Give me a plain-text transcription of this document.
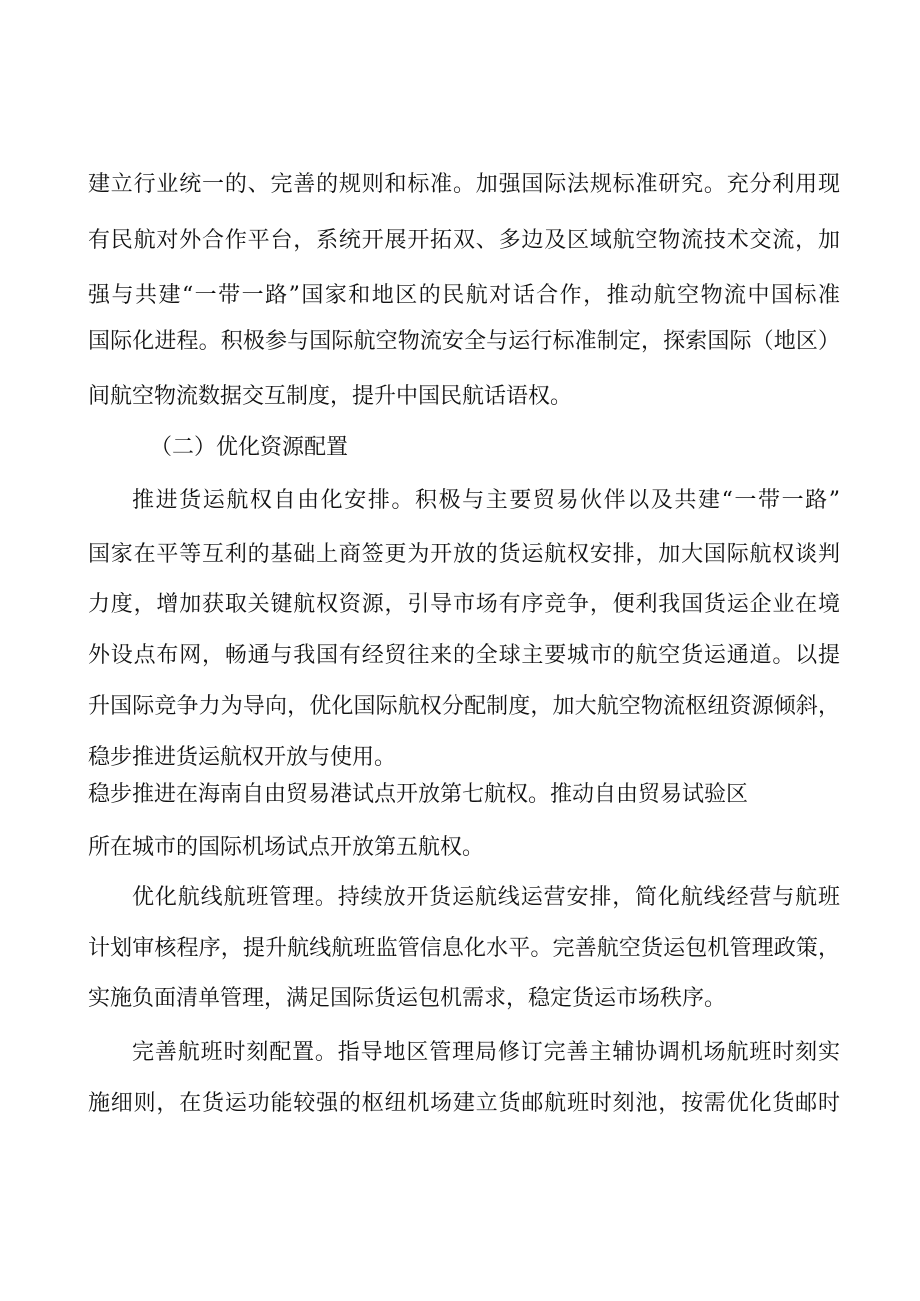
建立行业统一的、完善的规则和标准。加强国际法规标准研究。充分利用现
有民航对外合作平台，系统开展开拓双、多边及区域航空物流技术交流，加
强与共建“一带一路”国家和地区的民航对话合作，推动航空物流中国标准
国际化进程。积极参与国际航空物流安全与运行标准制定，探索国际（地区）
间航空物流数据交互制度，提升中国民航话语权。
（二）优化资源配置
推进货运航权自由化安排。积极与主要贸易伙伴以及共建“一带一路”
国家在平等互利的基础上商签更为开放的货运航权安排，加大国际航权谈判
力度，增加获取关键航权资源，引导市场有序竞争，便利我国货运企业在境
外设点布网，畅通与我国有经贸往来的全球主要城市的航空货运通道。以提
升国际竞争力为导向，优化国际航权分配制度，加大航空物流枢纽资源倾斜，
稳步推进货运航权开放与使用。
稳步推进在海南自由贸易港试点开放第七航权。推动自由贸易试验区
所在城市的国际机场试点开放第五航权。
优化航线航班管理。持续放开货运航线运营安排，简化航线经营与航班
计划审核程序，提升航线航班监管信息化水平。完善航空货运包机管理政策，
实施负面清单管理，满足国际货运包机需求，稳定货运市场秩序。
完善航班时刻配置。指导地区管理局修订完善主辅协调机场航班时刻实
施细则，在货运功能较强的枢纽机场建立货邮航班时刻池，按需优化货邮时
